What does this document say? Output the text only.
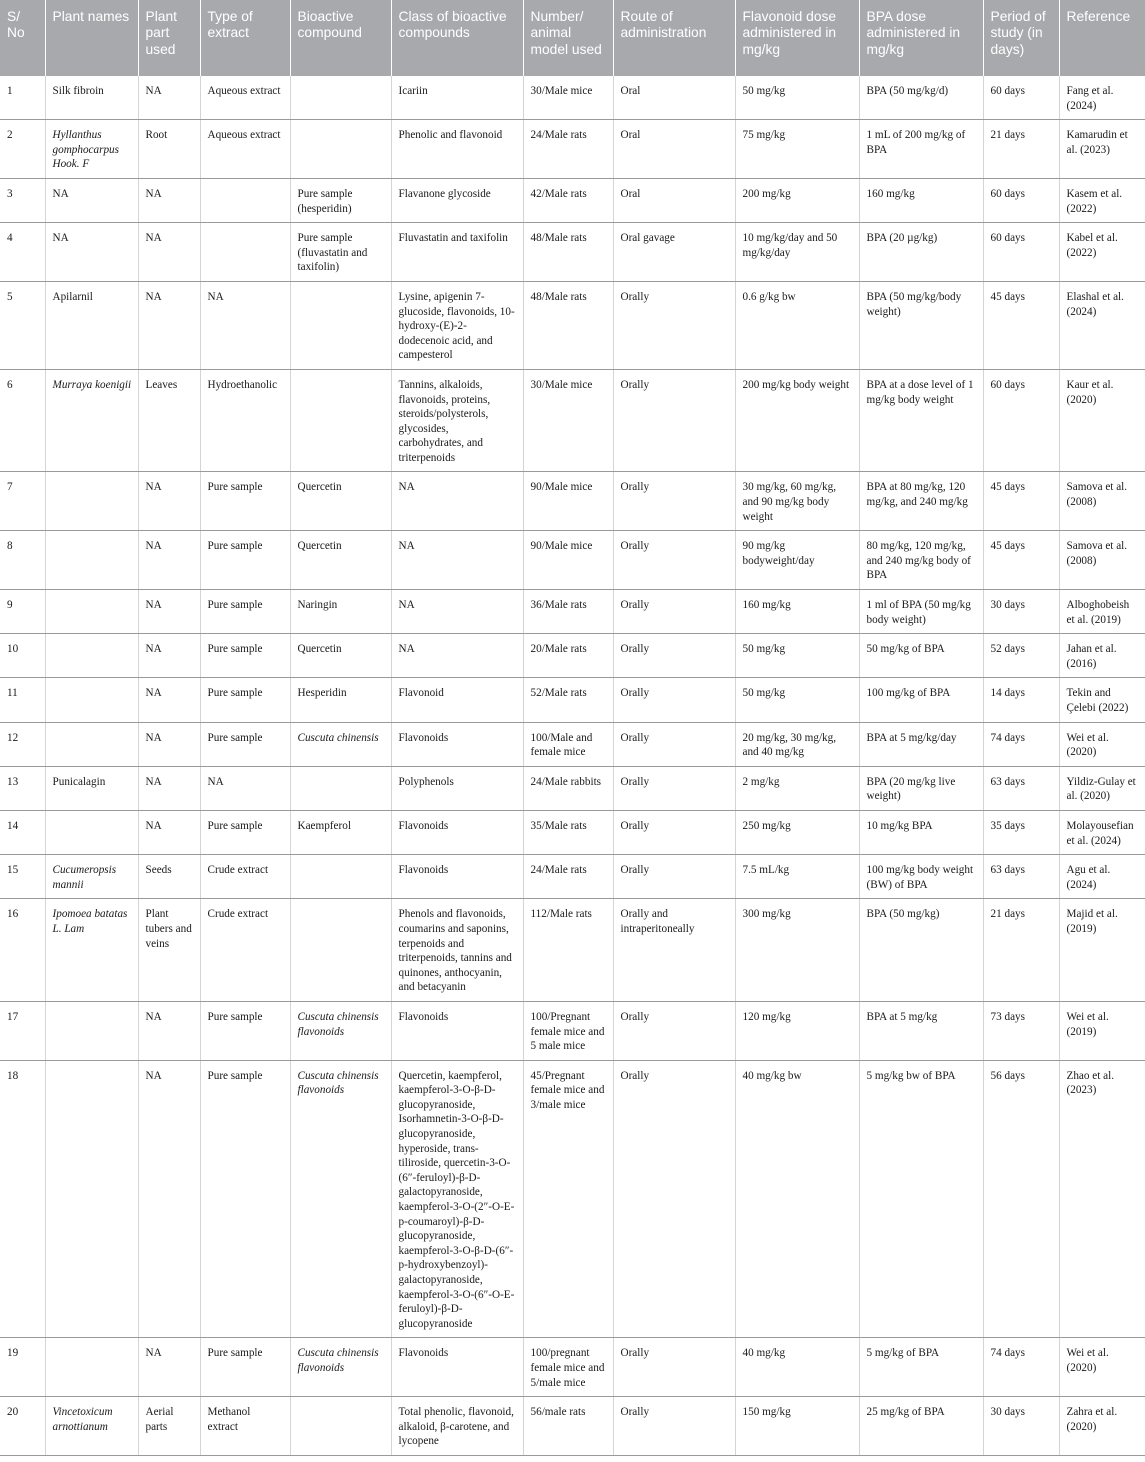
S/ No	Plant names	Plant part used	Type of extract	Bioactive compound	Class of bioactive compounds	Number/ animal model used	Route of administration	Flavonoid dose administered in mg/kg	BPA dose administered in mg/kg	Period of study (in days)	Reference
1	Silk fibroin	NA	Aqueous extract		Icariin	30/Male mice	Oral	50 mg/kg	BPA (50 mg/kg/d)	60 days	Fang et al. (2024)
2	Hyllanthus gomphocarpus Hook. F	Root	Aqueous extract		Phenolic and flavonoid	24/Male rats	Oral	75 mg/kg	1 mL of 200 mg/kg of BPA	21 days	Kamarudin et al. (2023)
3	NA	NA		Pure sample (hesperidin)	Flavanone glycoside	42/Male rats	Oral	200 mg/kg	160 mg/kg	60 days	Kasem et al. (2022)
4	NA	NA		Pure sample (fluvastatin and taxifolin)	Fluvastatin and taxifolin	48/Male rats	Oral gavage	10 mg/kg/day and 50 mg/kg/day	BPA (20 µg/kg)	60 days	Kabel et al. (2022)
5	Apilarnil	NA	NA		Lysine, apigenin 7-glucoside, flavonoids, 10-hydroxy-(E)-2-dodecenoic acid, and campesterol	48/Male rats	Orally	0.6 g/kg bw	BPA (50 mg/kg/body weight)	45 days	Elashal et al. (2024)
6	Murraya koenigii	Leaves	Hydroethanolic		Tannins, alkaloids, flavonoids, proteins, steroids/polysterols, glycosides, carbohydrates, and triterpenoids	30/Male mice	Orally	200 mg/kg body weight	BPA at a dose level of 1 mg/kg body weight	60 days	Kaur et al. (2020)
7		NA	Pure sample	Quercetin	NA	90/Male mice	Orally	30 mg/kg, 60 mg/kg, and 90 mg/kg body weight	BPA at 80 mg/kg, 120 mg/kg, and 240 mg/kg	45 days	Samova et al. (2008)
8		NA	Pure sample	Quercetin	NA	90/Male mice	Orally	90 mg/kg bodyweight/day	80 mg/kg, 120 mg/kg, and 240 mg/kg body of BPA	45 days	Samova et al. (2008)
9		NA	Pure sample	Naringin	NA	36/Male rats	Orally	160 mg/kg	1 ml of BPA (50 mg/kg body weight)	30 days	Alboghobeish et al. (2019)
10		NA	Pure sample	Quercetin	NA	20/Male rats	Orally	50 mg/kg	50 mg/kg of BPA	52 days	Jahan et al. (2016)
11		NA	Pure sample	Hesperidin	Flavonoid	52/Male rats	Orally	50 mg/kg	100 mg/kg of BPA	14 days	Tekin and Çelebi (2022)
12		NA	Pure sample	Cuscuta chinensis	Flavonoids	100/Male and female mice	Orally	20 mg/kg, 30 mg/kg, and 40 mg/kg	BPA at 5 mg/kg/day	74 days	Wei et al. (2020)
13	Punicalagin	NA	NA		Polyphenols	24/Male rabbits	Orally	2 mg/kg	BPA (20 mg/kg live weight)	63 days	Yildiz-Gulay et al. (2020)
14		NA	Pure sample	Kaempferol	Flavonoids	35/Male rats	Orally	250 mg/kg	10 mg/kg BPA	35 days	Molayousefian et al. (2024)
15	Cucumeropsis mannii	Seeds	Crude extract		Flavonoids	24/Male rats	Orally	7.5 mL/kg	100 mg/kg body weight (BW) of BPA	63 days	Agu et al. (2024)
16	Ipomoea batatas L. Lam	Plant tubers and veins	Crude extract		Phenols and flavonoids, coumarins and saponins, terpenoids and triterpenoids, tannins and quinones, anthocyanin, and betacyanin	112/Male rats	Orally and intraperitoneally	300 mg/kg	BPA (50 mg/kg)	21 days	Majid et al. (2019)
17		NA	Pure sample	Cuscuta chinensis flavonoids	Flavonoids	100/Pregnant female mice and 5 male mice	Orally	120 mg/kg	BPA at 5 mg/kg	73 days	Wei et al. (2019)
18		NA	Pure sample	Cuscuta chinensis flavonoids	Quercetin, kaempferol, kaempferol-3-O-β-D-glucopyranoside, Isorhamnetin-3-O-β-D-glucopyranoside, hyperoside, trans-tiliroside, quercetin-3-O-(6″-feruloyl)-β-D-galactopyranoside, kaempferol-3-O-(2″-O-E-p-coumaroyl)-β-D-glucopyranoside, kaempferol-3-O-β-D-(6″-p-hydroxybenzoyl)-galactopyranoside, kaempferol-3-O-(6″-O-E-feruloyl)-β-D-glucopyranoside	45/Pregnant female mice and 3/male mice	Orally	40 mg/kg bw	5 mg/kg bw of BPA	56 days	Zhao et al. (2023)
19		NA	Pure sample	Cuscuta chinensis flavonoids	Flavonoids	100/pregnant female mice and 5/male mice	Orally	40 mg/kg	5 mg/kg of BPA	74 days	Wei et al. (2020)
20	Vincetoxicum arnottianum	Aerial parts	Methanol extract		Total phenolic, flavonoid, alkaloid, β-carotene, and lycopene	56/male rats	Orally	150 mg/kg	25 mg/kg of BPA	30 days	Zahra et al. (2020)
